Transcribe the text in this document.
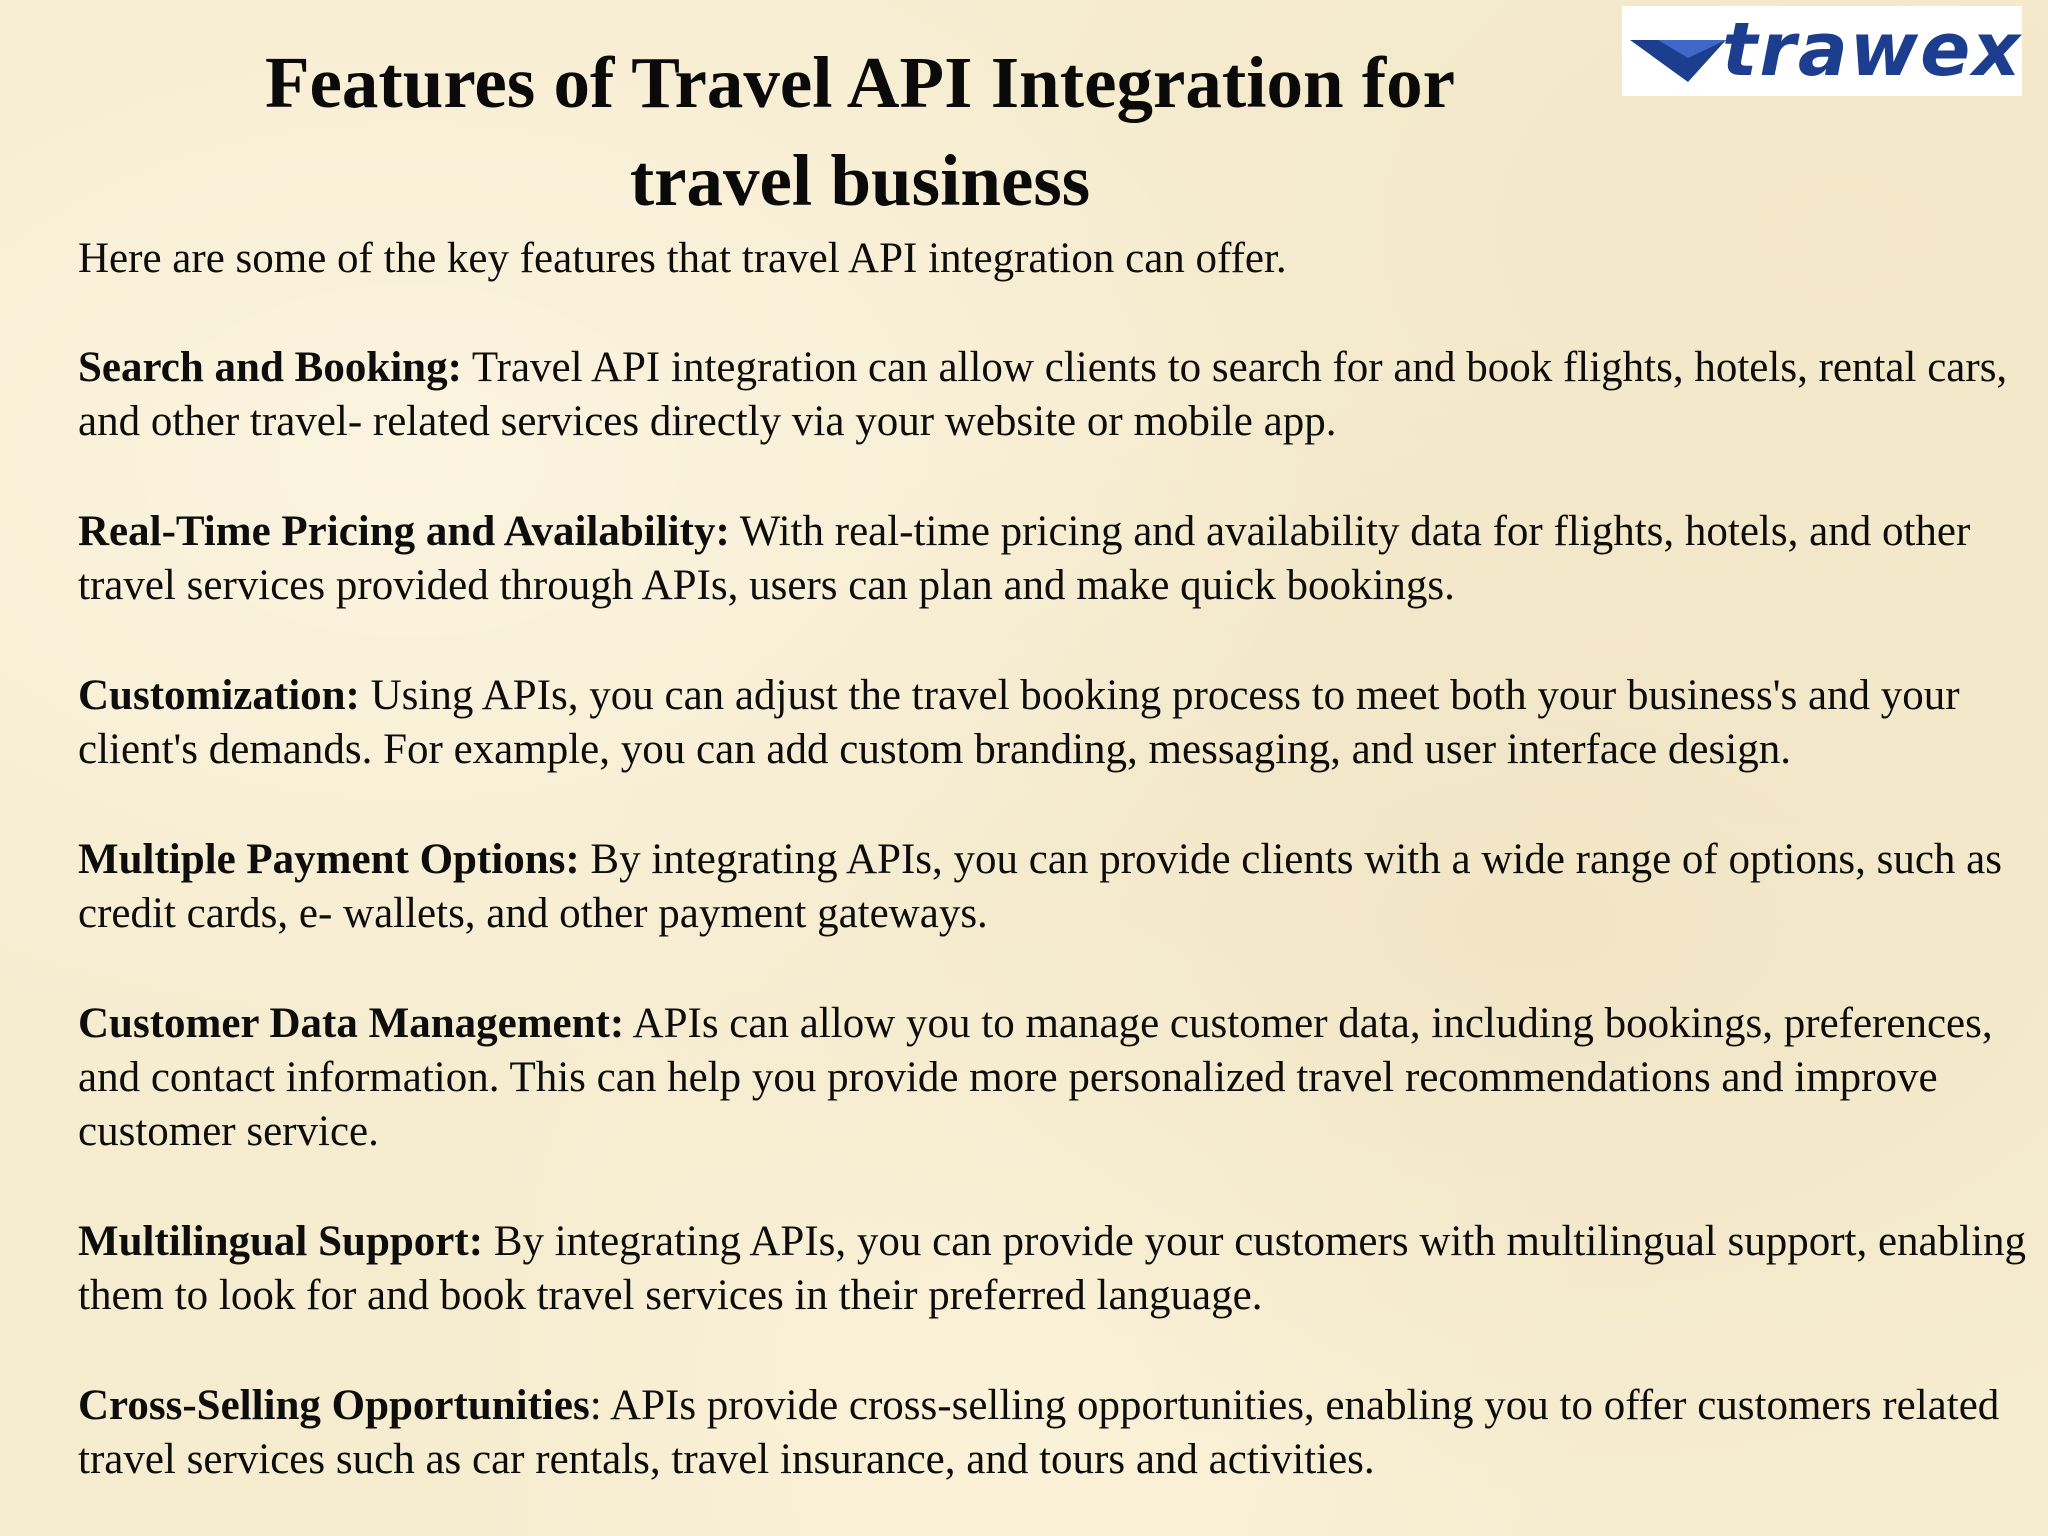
Features of Travel API Integration for
travel business
trawex

Here are some of the key features that travel API integration can offer.

Search and Booking: Travel API integration can allow clients to search for and book flights, hotels, rental cars, and other travel- related services directly via your website or mobile app.

Real-Time Pricing and Availability: With real-time pricing and availability data for flights, hotels, and other travel services provided through APIs, users can plan and make quick bookings.

Customization: Using APIs, you can adjust the travel booking process to meet both your business's and your client's demands. For example, you can add custom branding, messaging, and user interface design.

Multiple Payment Options: By integrating APIs, you can provide clients with a wide range of options, such as credit cards, e- wallets, and other payment gateways.

Customer Data Management: APIs can allow you to manage customer data, including bookings, preferences, and contact information. This can help you provide more personalized travel recommendations and improve customer service.

Multilingual Support: By integrating APIs, you can provide your customers with multilingual support, enabling them to look for and book travel services in their preferred language.

Cross-Selling Opportunities: APIs provide cross-selling opportunities, enabling you to offer customers related travel services such as car rentals, travel insurance, and tours and activities.
